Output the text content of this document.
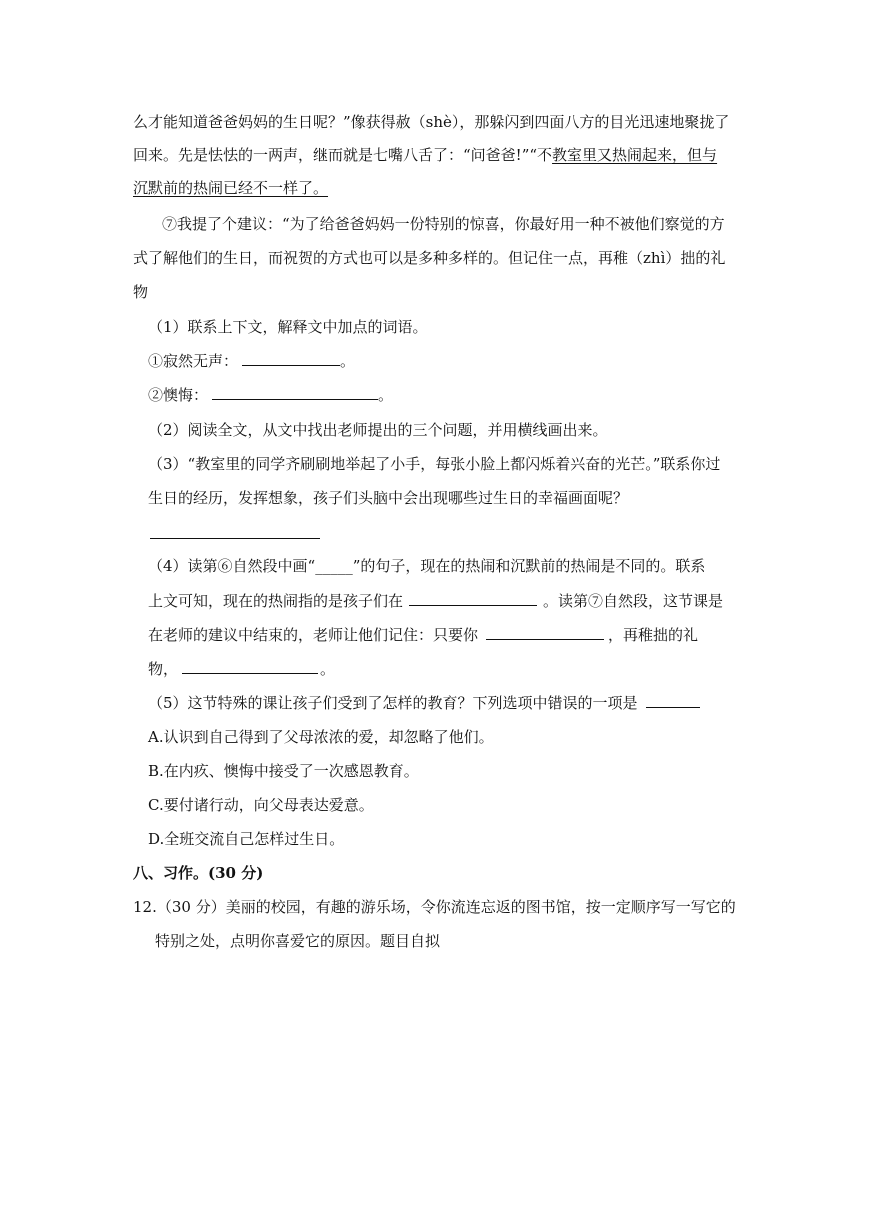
么才能知道爸爸妈妈的生日呢？”像获得赦（shè），那躲闪到四面八方的目光迅速地聚拢了
回来。先是怯怯的一两声，继而就是七嘴八舌了：“问爸爸!”“不教室里又热闹起来，但与
沉默前的热闹已经不一样了。
⑦我提了个建议：“为了给爸爸妈妈一份特别的惊喜，你最好用一种不被他们察觉的方
式了解他们的生日，而祝贺的方式也可以是多种多样的。但记住一点，再稚（zhì）拙的礼
物
（1）联系上下文，解释文中加点的词语。
①寂然无声：	。
②懊悔：	。
（2）阅读全文，从文中找出老师提出的三个问题，并用横线画出来。
（3）“教室里的同学齐刷刷地举起了小手，每张小脸上都闪烁着兴奋的光芒。”联系你过
生日的经历，发挥想象，孩子们头脑中会出现哪些过生日的幸福画面呢？
（4）读第⑥自然段中画“_____”的句子，现在的热闹和沉默前的热闹是不同的。联系
上文可知，现在的热闹指的是孩子们在	。读第⑦自然段，这节课是
在老师的建议中结束的，老师让他们记住：只要你	，再稚拙的礼
物，	。
（5）这节特殊的课让孩子们受到了怎样的教育？下列选项中错误的一项是
A.认识到自己得到了父母浓浓的爱，却忽略了他们。
B.在内疚、懊悔中接受了一次感恩教育。
C.要付诸行动，向父母表达爱意。
D.全班交流自己怎样过生日。
八、习作。(30 分)
12.（30 分）美丽的校园，有趣的游乐场，令你流连忘返的图书馆，按一定顺序写一写它的
特别之处，点明你喜爱它的原因。题目自拟
